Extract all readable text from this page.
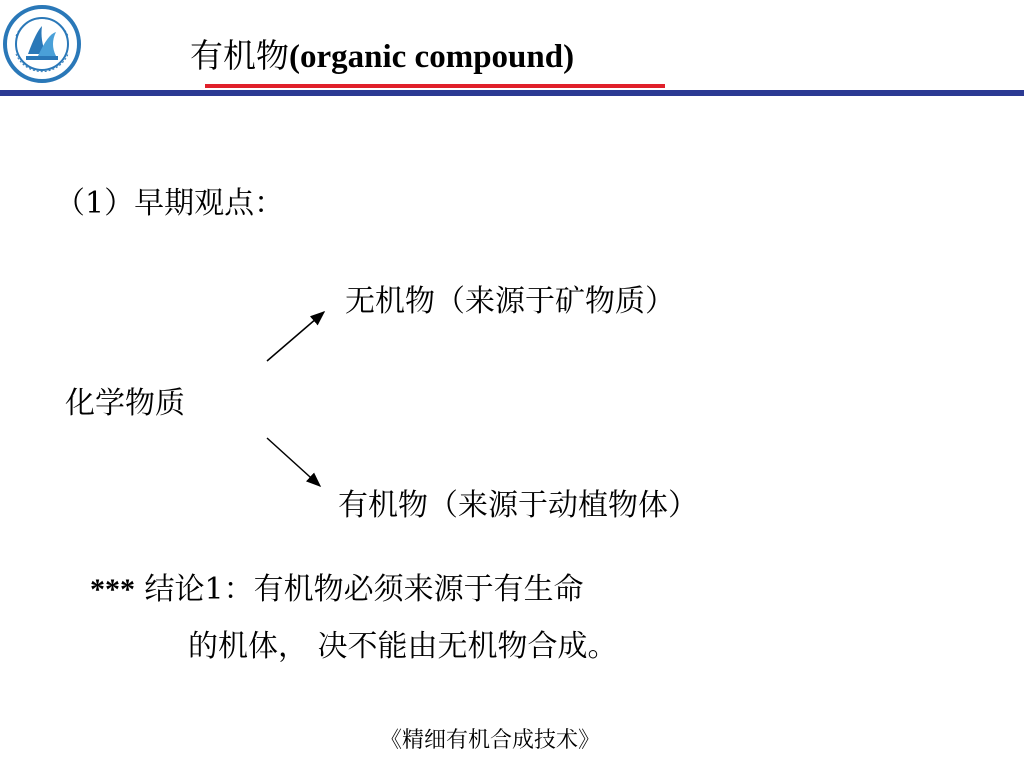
有机物(organic compound)
（1）早期观点：
无机物（来源于矿物质）
化学物质
有机物（来源于动植物体）
*** 结论1：有机物必须来源于有生命
的机体， 决不能由无机物合成。
《精细有机合成技术》
